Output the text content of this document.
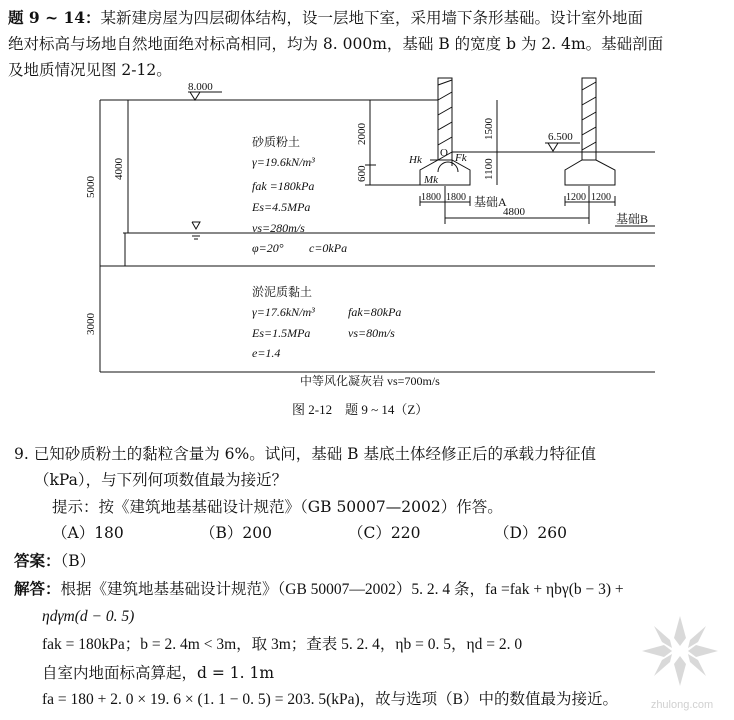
题 9 ~ 14：某新建房屋为四层砌体结构，设一层地下室，采用墙下条形基础。设计室外地面
绝对标高与场地自然地面绝对标高相同，均为 8. 000m，基础 B 的宽度 b 为 2. 4m。基础剖面
及地质情况见图 2-12。
8.000
6.500
5000
4000
3000
2000
600
1500
1100
1800 1800
4800
1200 1200
O
Hk	Fk
Mk
基础A
基础B
砂质粉土
γ=19.6kN/m³
fak =180kPa
Es=4.5MPa
vs=280m/s
φ=20° c=0kPa
淤泥质黏土
γ=17.6kN/m³	fak=80kPa
Es=1.5MPa	vs=80m/s
e=1.4
中等风化凝灰岩 vs=700m/s
图 2-12　题 9 ~ 14（Z）
9. 已知砂质粉土的黏粒含量为 6%。试问，基础 B 基底土体经修正后的承载力特征值
（kPa），与下列何项数值最为接近？
提示：按《建筑地基基础设计规范》（GB 50007—2002）作答。
（A）180	（B）200	（C）220	（D）260
答案：（B）
解答：根据《建筑地基基础设计规范》（GB 50007—2002）5. 2. 4 条，fa =fak + ηbγ(b − 3) +
ηdγm(d − 0. 5)
fak = 180kPa；b = 2. 4m < 3m，取 3m；查表 5. 2. 4，ηb = 0. 5，ηd = 2. 0
自室内地面标高算起，d = 1. 1m
fa = 180 + 2. 0 × 19. 6 × (1. 1 − 0. 5) = 203. 5(kPa)，故与选项（B）中的数值最为接近。	zhulong.com
